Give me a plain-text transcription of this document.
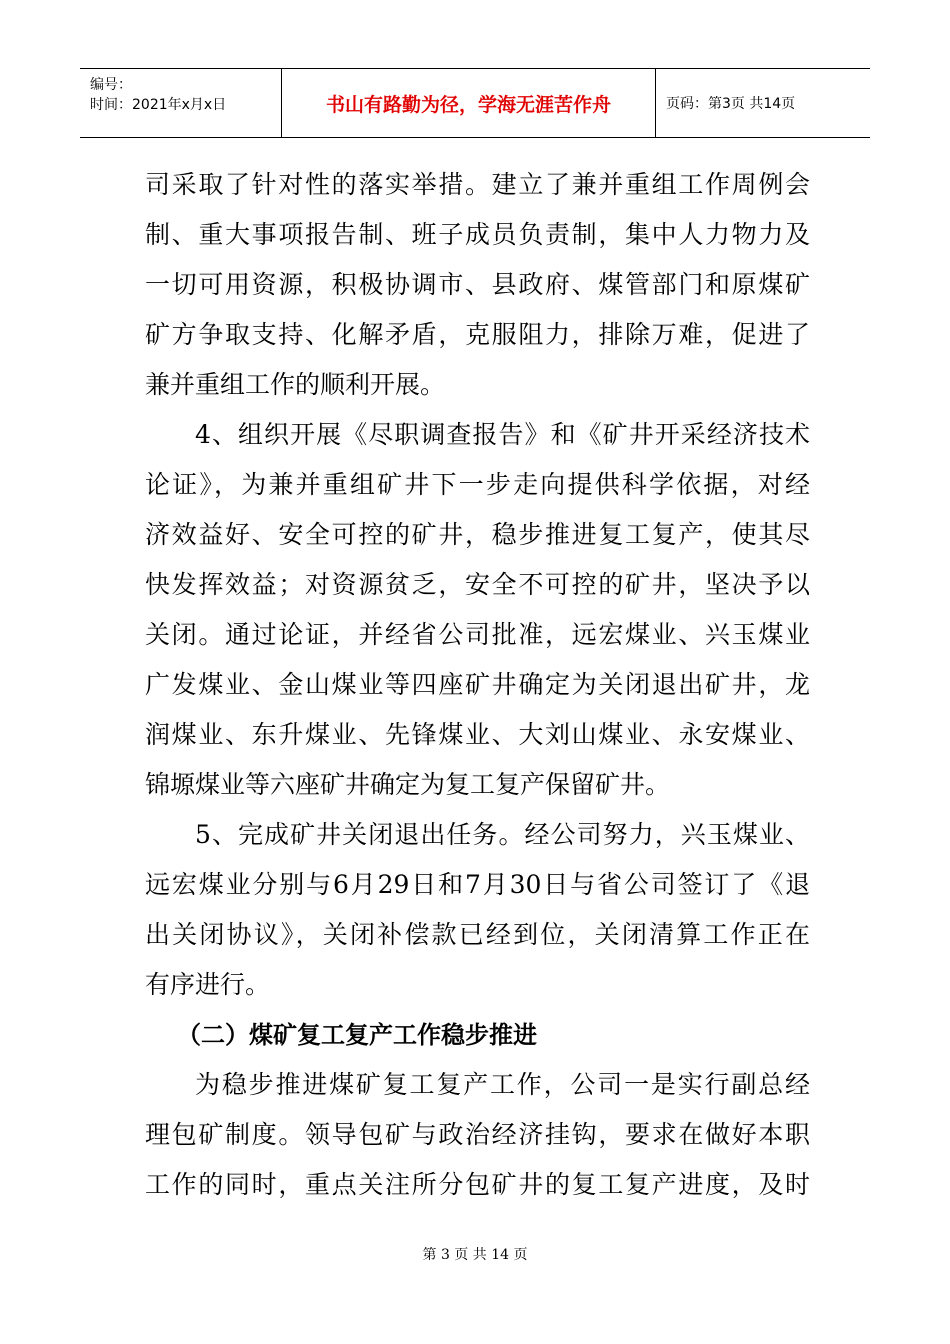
编号：
时间：2021年x月x日	书山有路勤为径，学海无涯苦作舟	页码：第3页 共14页
司采取了针对性的落实举措。建立了兼并重组工作周例会
制、重大事项报告制、班子成员负责制，集中人力物力及
一切可用资源，积极协调市、县政府、煤管部门和原煤矿
矿方争取支持、化解矛盾，克服阻力，排除万难，促进了
兼并重组工作的顺利开展。
4、组织开展《尽职调查报告》和《矿井开采经济技术
论证》，为兼并重组矿井下一步走向提供科学依据，对经
济效益好、安全可控的矿井，稳步推进复工复产，使其尽
快发挥效益；对资源贫乏，安全不可控的矿井，坚决予以
关闭。通过论证，并经省公司批准，远宏煤业、兴玉煤业
广发煤业、金山煤业等四座矿井确定为关闭退出矿井，龙
润煤业、东升煤业、先锋煤业、大刘山煤业、永安煤业、
锦塬煤业等六座矿井确定为复工复产保留矿井。
5、完成矿井关闭退出任务。经公司努力，兴玉煤业、
远宏煤业分别与6月29日和7月30日与省公司签订了《退
出关闭协议》，关闭补偿款已经到位，关闭清算工作正在
有序进行。
（二）煤矿复工复产工作稳步推进
为稳步推进煤矿复工复产工作，公司一是实行副总经
理包矿制度。领导包矿与政治经济挂钩，要求在做好本职
工作的同时，重点关注所分包矿井的复工复产进度，及时
第 3 页 共 14 页
